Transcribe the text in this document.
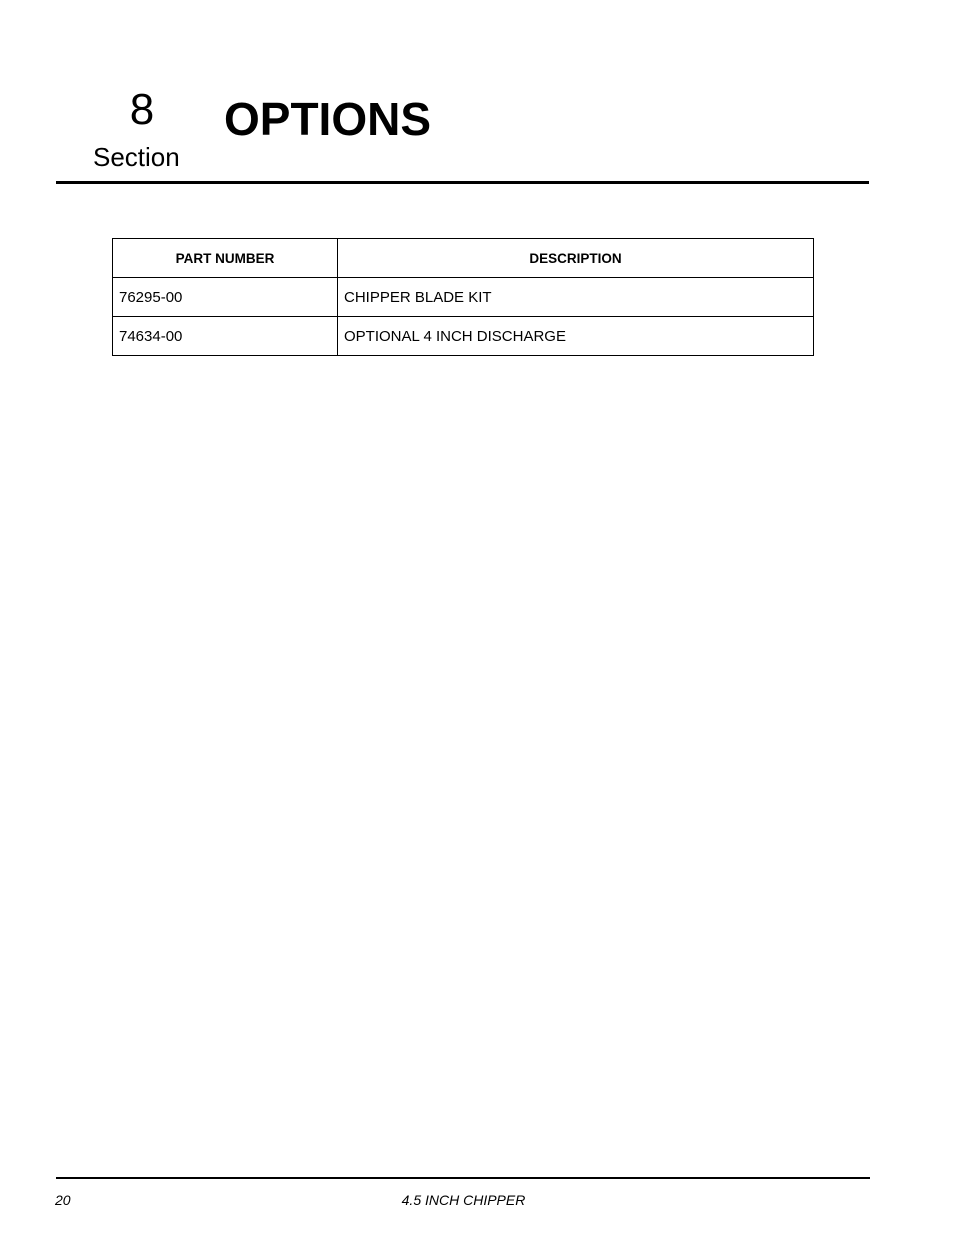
8
Section
OPTIONS
PART NUMBER	DESCRIPTION
76295-00	CHIPPER BLADE KIT
74634-00	OPTIONAL 4 INCH DISCHARGE
20	4.5 INCH CHIPPER
